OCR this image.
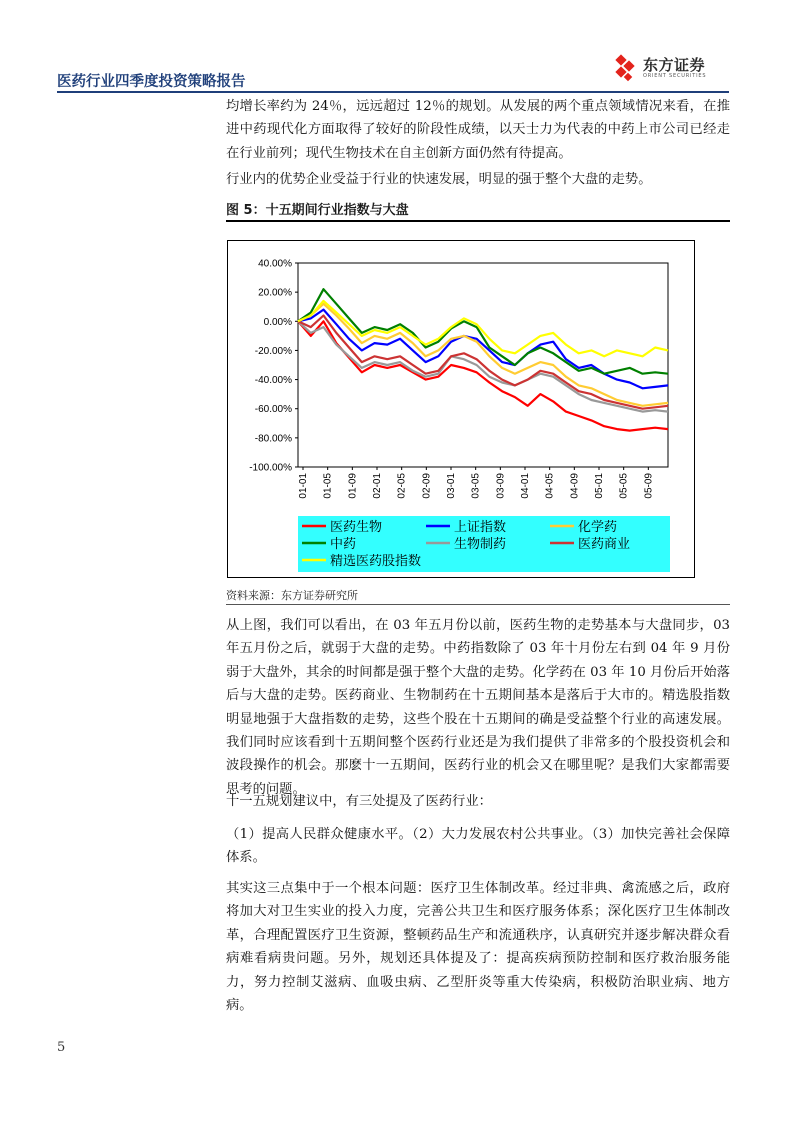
医药行业四季度投资策略报告
东方证券
ORIENT SECURITIES
均增长率约为 24％，远远超过 12％的规划。从发展的两个重点领域情况来看，在推进中药现代化方面取得了较好的阶段性成绩，以天士力为代表的中药上市公司已经走在行业前列；现代生物技术在自主创新方面仍然有待提高。
行业内的优势企业受益于行业的快速发展，明显的强于整个大盘的走势。
图 5：十五期间行业指数与大盘
40.00%
20.00%
0.00%
-20.00%
-40.00%
-60.00%
-80.00%
-100.00%
01-01 01-05 01-09 02-01 02-05 02-09 03-01 03-05 03-09 04-01 04-05 04-09 05-01 05-05 05-09
医药生物	上证指数	化学药
中药	生物制药	医药商业
精选医药股指数
资料来源：东方证券研究所
从上图，我们可以看出，在 03 年五月份以前，医药生物的走势基本与大盘同步，03 年五月份之后，就弱于大盘的走势。中药指数除了 03 年十月份左右到 04 年 9 月份弱于大盘外，其余的时间都是强于整个大盘的走势。化学药在 03 年 10 月份后开始落后与大盘的走势。医药商业、生物制药在十五期间基本是落后于大市的。精选股指数明显地强于大盘指数的走势，这些个股在十五期间的确是受益整个行业的高速发展。我们同时应该看到十五期间整个医药行业还是为我们提供了非常多的个股投资机会和波段操作的机会。那麽十一五期间，医药行业的机会又在哪里呢？是我们大家都需要思考的问题。
十一五规划建议中，有三处提及了医药行业：
（1）提高人民群众健康水平。（2）大力发展农村公共事业。（3）加快完善社会保障体系。
其实这三点集中于一个根本问题：医疗卫生体制改革。经过非典、禽流感之后，政府将加大对卫生实业的投入力度，完善公共卫生和医疗服务体系；深化医疗卫生体制改革，合理配置医疗卫生资源，整顿药品生产和流通秩序，认真研究并逐步解决群众看病难看病贵问题。另外，规划还具体提及了：提高疾病预防控制和医疗救治服务能力，努力控制艾滋病、血吸虫病、乙型肝炎等重大传染病，积极防治职业病、地方病。
5
